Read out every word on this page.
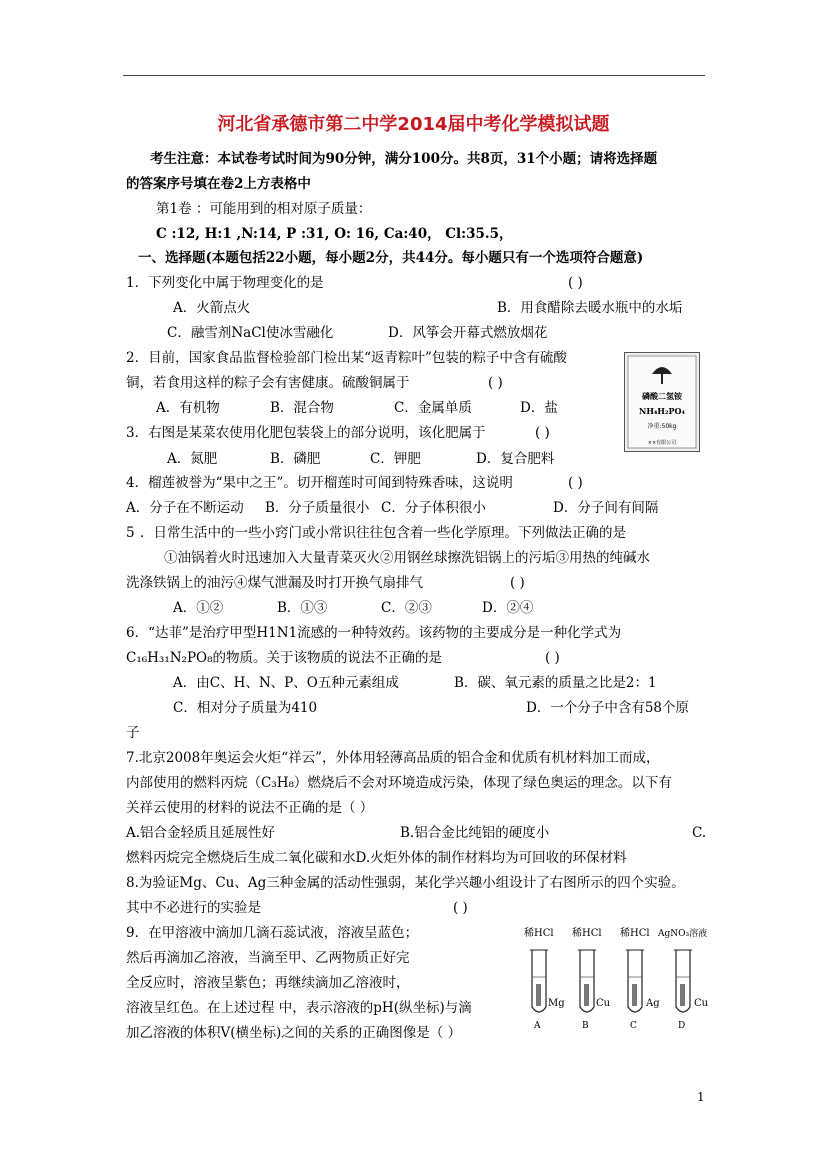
河北省承德市第二中学2014届中考化学模拟试题
考生注意：本试卷考试时间为90分钟，满分100分。共8页，31个小题；请将选择题
的答案序号填在卷2上方表格中
第1卷 ：可能用到的相对原子质量：
C :12, H:1 ,N:14, P :31, O: 16, Ca:40， Cl:35.5，
一、选择题(本题包括22小题，每小题2分，共44分。每小题只有一个选项符合题意)
1．下列变化中属于物理变化的是	( )
A．火箭点火	B．用食醋除去暖水瓶中的水垢
C．融雪剂NaCl使冰雪融化	D．风筝会开幕式燃放烟花
2．目前，国家食品监督检验部门检出某“返青粽叶”包装的粽子中含有硫酸
铜，若食用这样的粽子会有害健康。硫酸铜属于	( )
A．有机物	B．混合物	C．金属单质	D．盐
磷酸二氢铵
NH₄H₂PO₄
净重:50kg
××有限公司
3．右图是某菜农使用化肥包装袋上的部分说明，该化肥属于	( )
A．氮肥	B．磷肥	C．钾肥	D．复合肥料
4．榴莲被誉为“果中之王”。切开榴莲时可闻到特殊香味，这说明	( )
A．分子在不断运动 B．分子质量很小 C．分子体积很小	D．分子间有间隔
5 ．日常生活中的一些小窍门或小常识往往包含着一些化学原理。下列做法正确的是
①油锅着火时迅速加入大量青菜灭火②用钢丝球擦洗铝锅上的污垢③用热的纯碱水
洗涤铁锅上的油污④煤气泄漏及时打开换气扇排气	( )
A．①②	B．①③	C．②③	D．②④
6．“达菲”是治疗甲型H1N1流感的一种特效药。该药物的主要成分是一种化学式为
C₁₆H₃₁N₂PO₈的物质。关于该物质的说法不正确的是	( )
A．由C、H、N、P、O五种元素组成	B．碳、氧元素的质量之比是2：1
C．相对分子质量为410	D．一个分子中含有58个原
子
7.北京2008年奥运会火炬“祥云”，外体用轻薄高品质的铝合金和优质有机材料加工而成，
内部使用的燃料丙烷（C₃H₈）燃烧后不会对环境造成污染，体现了绿色奥运的理念。以下有
关祥云使用的材料的说法不正确的是（ ）
A.铝合金轻质且延展性好	B.铝合金比纯铝的硬度小	C.
燃料丙烷完全燃烧后生成二氧化碳和水D.火炬外体的制作材料均为可回收的环保材料
8.为验证Mg、Cu、Ag三种金属的活动性强弱，某化学兴趣小组设计了右图所示的四个实验。
其中不必进行的实验是	( )
9．在甲溶液中滴加几滴石蕊试液，溶液呈蓝色；
然后再滴加乙溶液，当滴至甲、乙两物质正好完
全反应时，溶液呈紫色；再继续滴加乙溶液时，
溶液呈红色。在上述过程 中，表示溶液的pH(纵坐标)与滴
加乙溶液的体积V(横坐标)之间的关系的正确图像是（ ）
稀HCl
Mg
A
稀HCl
Cu
B
稀HCl
Ag
C
AgNO₃溶液
Cu
D
1
